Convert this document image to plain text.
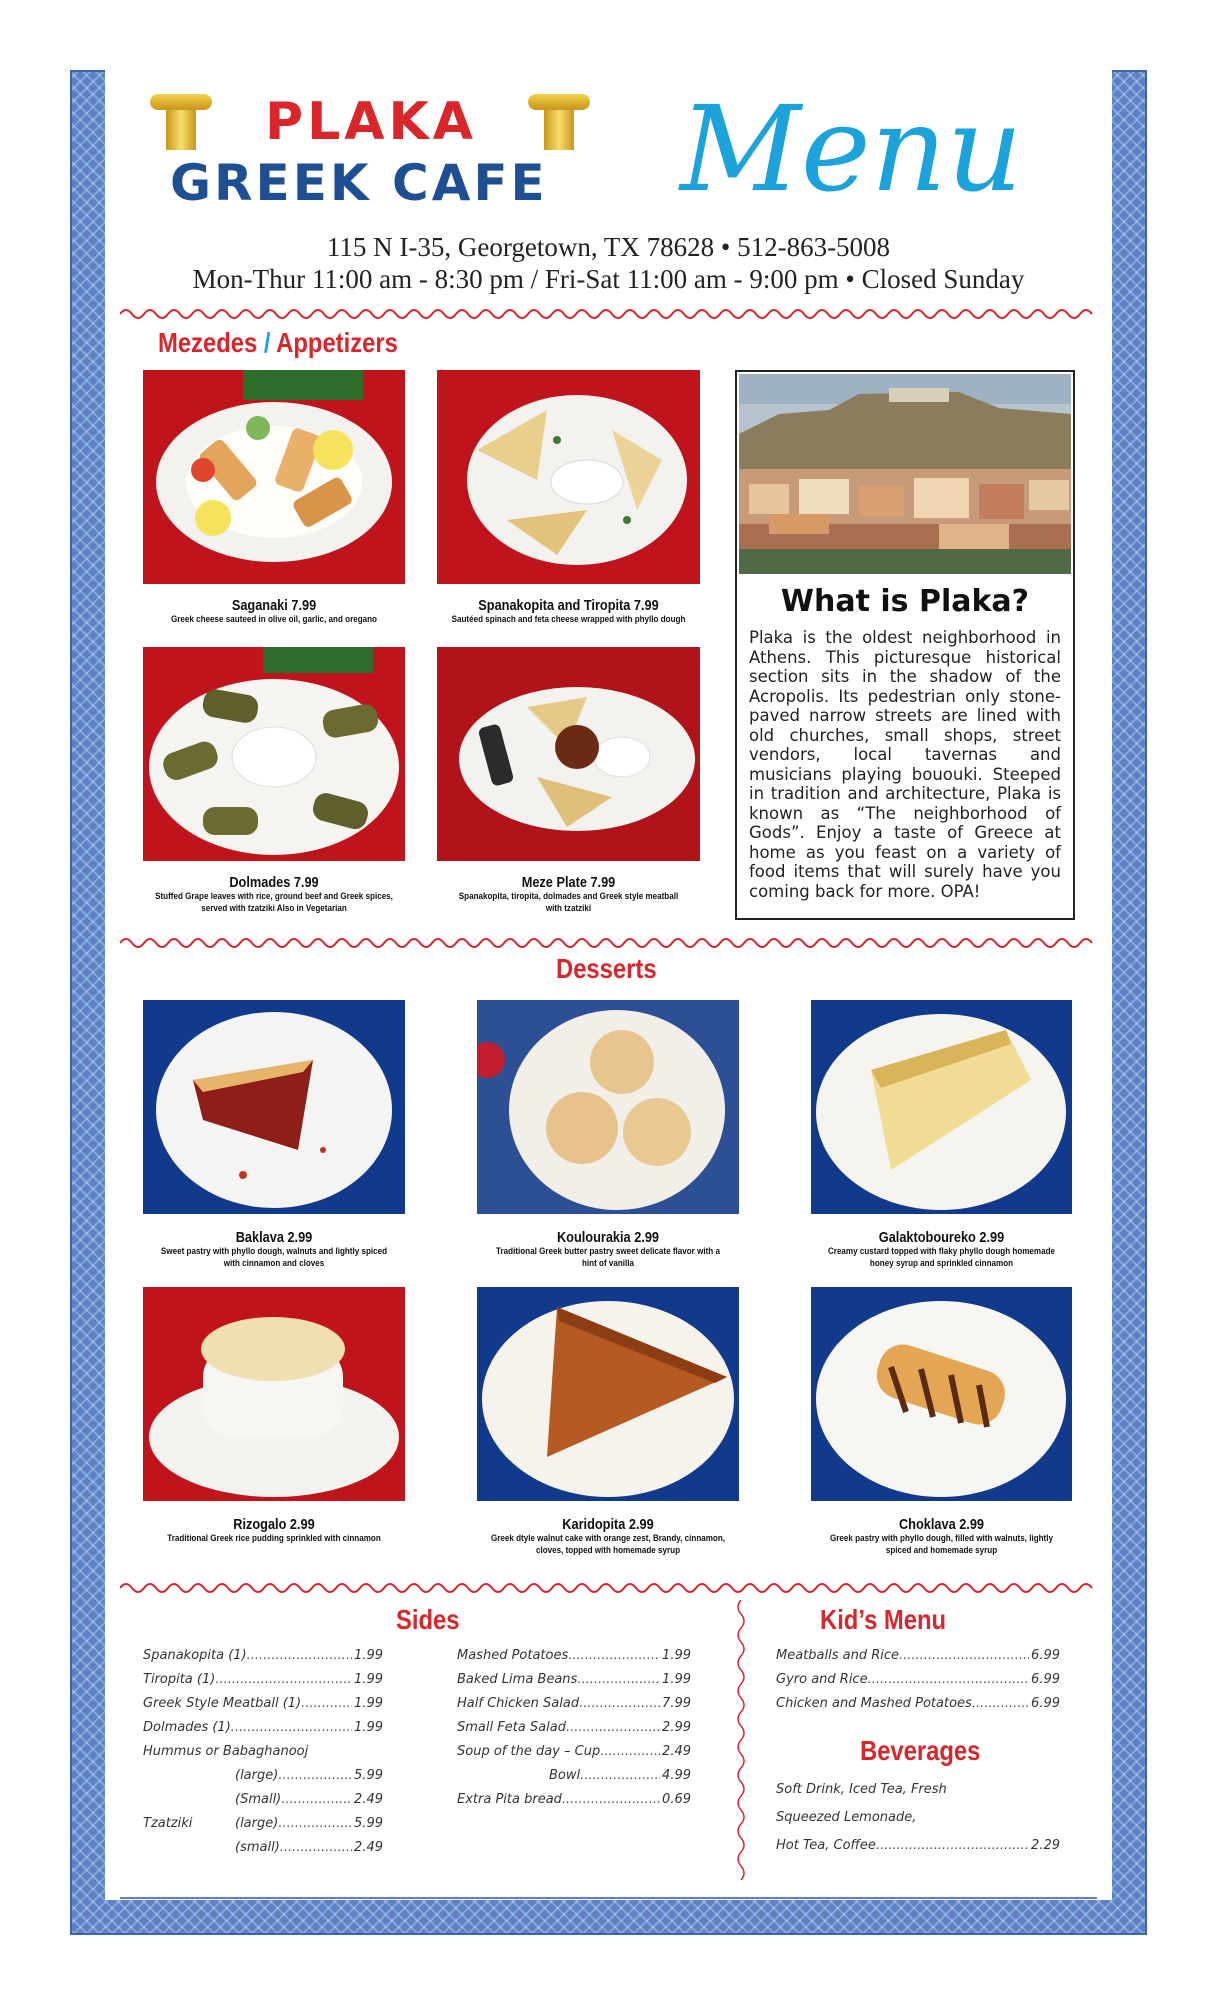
PLAKA
GREEK CAFE Menu
115 N I-35, Georgetown, TX 78628 • 512-863-5008
Mon-Thur 11:00 am - 8:30 pm / Fri-Sat 11:00 am - 9:00 pm • Closed Sunday
Mezedes / Appetizers
Saganaki 7.99
Greek cheese sauteed in olive oil, garlic, and oregano
Spanakopita and Tiropita 7.99
Sautéed spinach and feta cheese wrapped with phyllo dough
Dolmades 7.99
Stuffed Grape leaves with rice, ground beef and Greek spices, served with tzatziki Also in Vegetarian
Meze Plate 7.99
Spanakopita, tiropita, dolmades and Greek style meatball with tzatziki
What is Plaka?

Plaka is the oldest neighborhood in Athens. This picturesque historical section sits in the shadow of the Acropolis. Its pedestrian only stone-paved narrow streets are lined with old churches, small shops, street vendors, local tavernas and musicians playing bououki. Steeped in tradition and architecture, Plaka is known as “The neighborhood of Gods”. Enjoy a taste of Greece at home as you feast on a variety of food items that will surely have you coming back for more. OPA!

Desserts
Baklava 2.99
Sweet pastry with phyllo dough, walnuts and lightly spiced with cinnamon and cloves
Koulourakia 2.99
Traditional Greek butter pastry sweet delicate flavor with a hint of vanilla
Galaktoboureko 2.99
Creamy custard topped with flaky phyllo dough homemade honey syrup and sprinkled cinnamon
Rizogalo 2.99
Traditional Greek rice pudding sprinkled with cinnamon
Karidopita 2.99
Greek dtyle walnut cake with orange zest, Brandy, cinnamon, cloves, topped with homemade syrup
Choklava 2.99
Greek pastry with phyllo dough, filled with walnuts, lightly spiced and homemade syrup
Sides
Spanakopita (1) .....	1.99
Tiropita (1) .....	1.99
Greek Style Meatball (1) .....	1.99
Dolmades (1) .....	1.99
Hummus or Babaghanooj
(large) .....	5.99
(Small) .....	2.49
Tzatziki
(small) .....	2.49
(large) .....	5.99
Mashed Potatoes .....	1.99
Baked Lima Beans .....	1.99
Half Chicken Salad .....	7.99
Small Feta Salad .....	2.99
Soup of the day – Cup .....	2.49
Bowl .....	4.99
Extra Pita bread .....	0.69
Kid’s Menu
Meatballs and Rice .....	6.99
Gyro and Rice .....	6.99
Chicken and Mashed Potatoes .....	6.99
Beverages
Soft Drink, Iced Tea, Fresh
Squeezed Lemonade,
Hot Tea, Coffee .....	2.29
